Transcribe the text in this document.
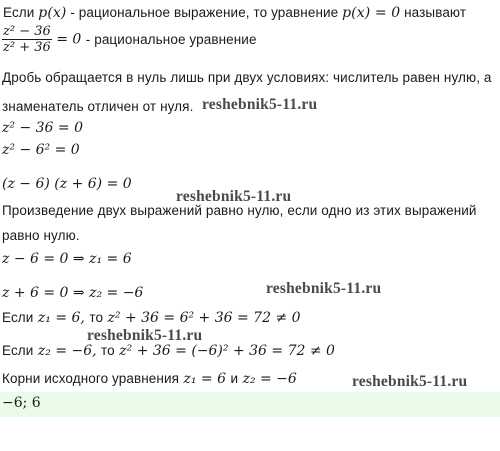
Если p(x) - рациональное выражение, то уравнение p(x) = 0 называют
$\frac{\text{z² − 36}}{\text{z² + 36}} = 0$ - рациональное уравнение
Дробь обращается в нуль лишь при двух условиях: числитель равен нулю, а
знаменатель отличен от нуля.
z² − 36 = 0
z² − 6² = 0
(z − 6) (z + 6) = 0
Произведение двух выражений равно нулю, если одно из этих выражений
равно нулю.
z − 6 = 0 ⇒ z₁ = 6
z + 6 = 0 ⇒ z₂ = −6
Если z₁ = 6, то z² + 36 = 6² + 36 = 72 ≠ 0
Если z₂ = −6, то z² + 36 = (−6)² + 36 = 72 ≠ 0
Корни исходного уравнения z₁ = 6 и z₂ = −6
−6; 6
reshebnik5-11.ru
reshebnik5-11.ru
reshebnik5-11.ru
reshebnik5-11.ru
reshebnik5-11.ru
